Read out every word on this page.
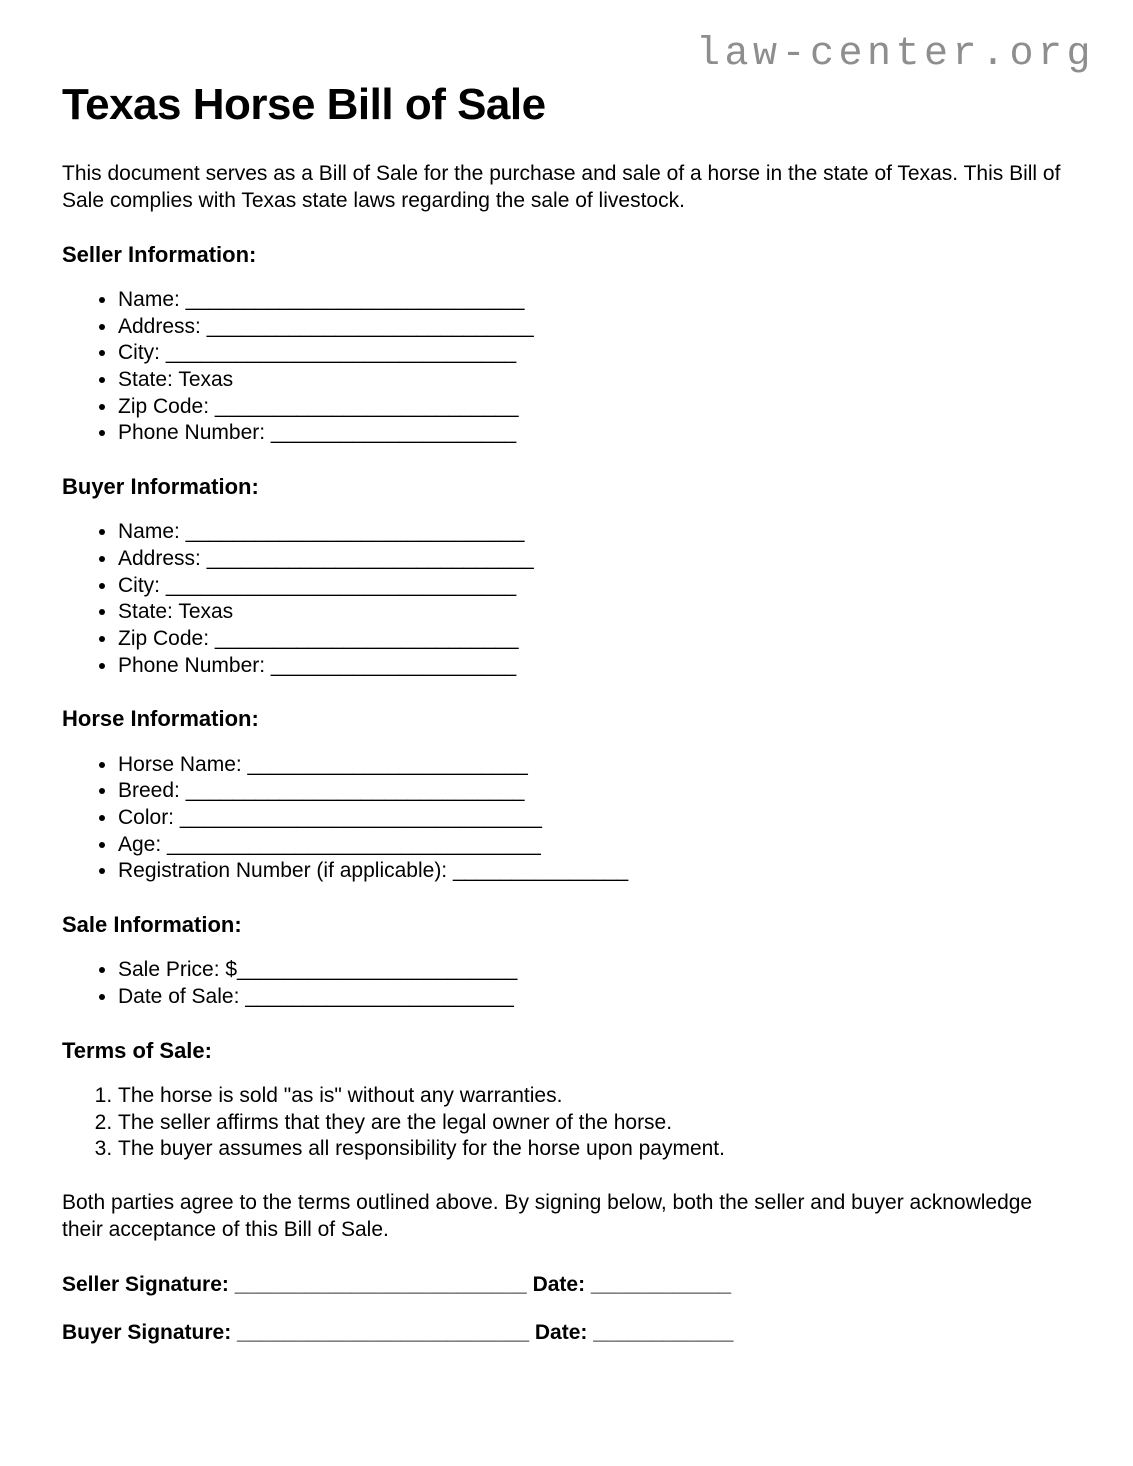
law-center.org
Texas Horse Bill of Sale

This document serves as a Bill of Sale for the purchase and sale of a horse in the state of Texas. This Bill of Sale complies with Texas state laws regarding the sale of livestock.

Seller Information:
• Name: _____________________________
• Address: ____________________________
• City: ______________________________
• State: Texas
• Zip Code: __________________________
• Phone Number: _____________________
Buyer Information:
• Name: _____________________________
• Address: ____________________________
• City: ______________________________
• State: Texas
• Zip Code: __________________________
• Phone Number: _____________________
Horse Information:
• Horse Name: ________________________
• Breed: _____________________________
• Color: _______________________________
• Age: ________________________________
• Registration Number (if applicable): _______________
Sale Information:
• Sale Price: $________________________
• Date of Sale: _______________________
Terms of Sale:
1. The horse is sold "as is" without any warranties.
2. The seller affirms that they are the legal owner of the horse.
3. The buyer assumes all responsibility for the horse upon payment.

Both parties agree to the terms outlined above. By signing below, both the seller and buyer acknowledge their acceptance of this Bill of Sale.

Seller Signature: _________________________ Date: ____________

Buyer Signature: _________________________ Date: ____________
